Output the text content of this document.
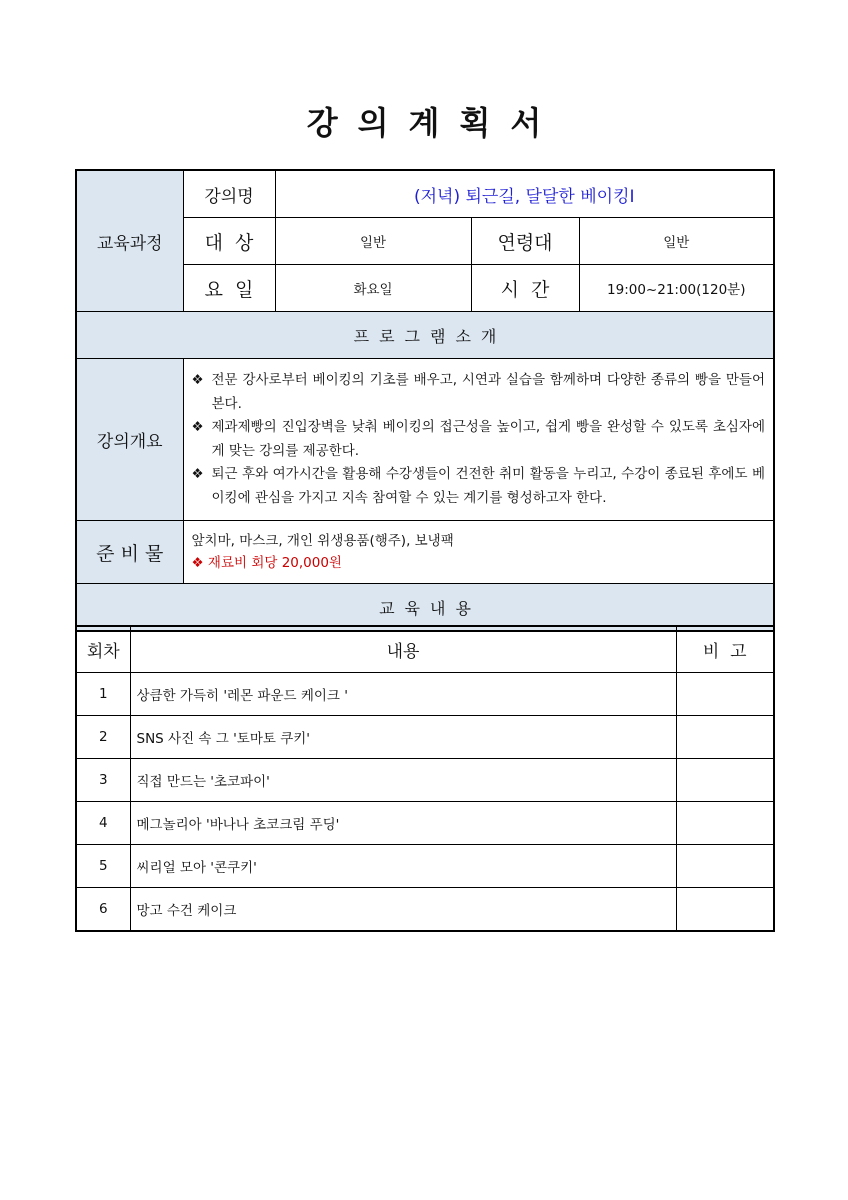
강의계획서
교육과정	강의명	(저녁) 퇴근길, 달달한 베이킹Ⅰ		
	대  상	일반	연령대	일반
	요  일	화요일	시  간	19:00~21:00(120분)
프로그램소개				
강의개요	❖ 전문 강사로부터 베이킹의 기초를 배우고, 시연과 실습을 함께하며 다양한 종류의 빵을 만들어본다.
❖ 제과제빵의 진입장벽을 낮춰 베이킹의 접근성을 높이고, 쉽게 빵을 완성할 수 있도록 초심자에게 맞는 강의를 제공한다.
❖ 퇴근 후와 여가시간을 활용해 수강생들이 건전한 취미 활동을 누리고, 수강이 종료된 후에도 베이킹에 관심을 가지고 지속 참여할 수 있는 계기를 형성하고자 한다.			

준 비 물	앞치마, 마스크, 개인 위생용품(행주), 보냉팩
❖ 재료비 회당 20,000원			

교육내용				
회차	내용	비  고
1	상큼한 가득히 '레몬 파운드 케이크 '	
2	SNS 사진 속 그 '토마토 쿠키'	
3	직접 만드는 '초코파이'	
4	메그놀리아 '바나나 초코크림 푸딩'	
5	씨리얼 모아 '콘쿠키'	
6	망고 수건 케이크	
